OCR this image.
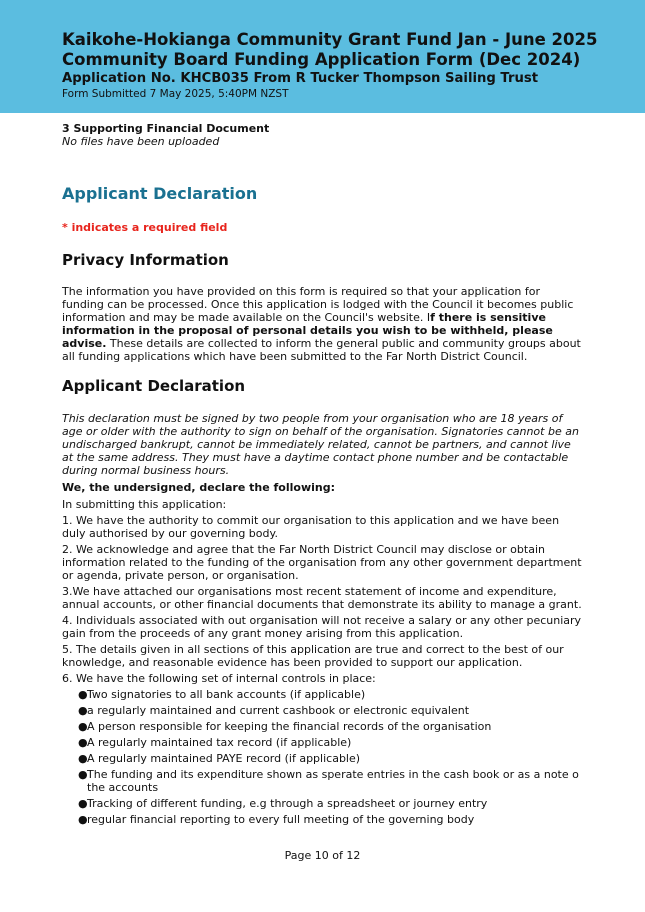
Kaikohe-Hokianga Community Grant Fund Jan - June 2025
Community Board Funding Application Form (Dec 2024)
Application No. KHCB035 From R Tucker Thompson Sailing Trust
Form Submitted 7 May 2025, 5:40PM NZST
3 Supporting Financial Document
No files have been uploaded
Applicant Declaration
* indicates a required field
Privacy Information
The information you have provided on this form is required so that your application for funding can be processed. Once this application is lodged with the Council it becomes public information and may be made available on the Council's website. If there is sensitive information in the proposal of personal details you wish to be withheld, please advise. These details are collected to inform the general public and community groups about all funding applications which have been submitted to the Far North District Council.
Applicant Declaration
This declaration must be signed by two people from your organisation who are 18 years of age or older with the authority to sign on behalf of the organisation. Signatories cannot be an undischarged bankrupt, cannot be immediately related, cannot be partners, and cannot live at the same address. They must have a daytime contact phone number and be contactable during normal business hours.
We, the undersigned, declare the following:
In submitting this application:
1. We have the authority to commit our organisation to this application and we have been duly authorised by our governing body.
2. We acknowledge and agree that the Far North District Council may disclose or obtain information related to the funding of the organisation from any other government department or agenda, private person, or organisation.
3.We have attached our organisations most recent statement of income and expenditure, annual accounts, or other financial documents that demonstrate its ability to manage a grant.
4. Individuals associated with out organisation will not receive a salary or any other pecuniary gain from the proceeds of any grant money arising from this application.
5. The details given in all sections of this application are true and correct to the best of our knowledge, and reasonable evidence has been provided to support our application.
6. We have the following set of internal controls in place:
● Two signatories to all bank accounts (if applicable)
● a regularly maintained and current cashbook or electronic equivalent
● A person responsible for keeping the financial records of the organisation
● A regularly maintained tax record (if applicable)
● A regularly maintained PAYE record (if applicable)
● The funding and its expenditure shown as sperate entries in the cash book or as a note o the accounts
● Tracking of different funding, e.g through a spreadsheet or journey entry
● regular financial reporting to every full meeting of the governing body
Page 10 of 12
